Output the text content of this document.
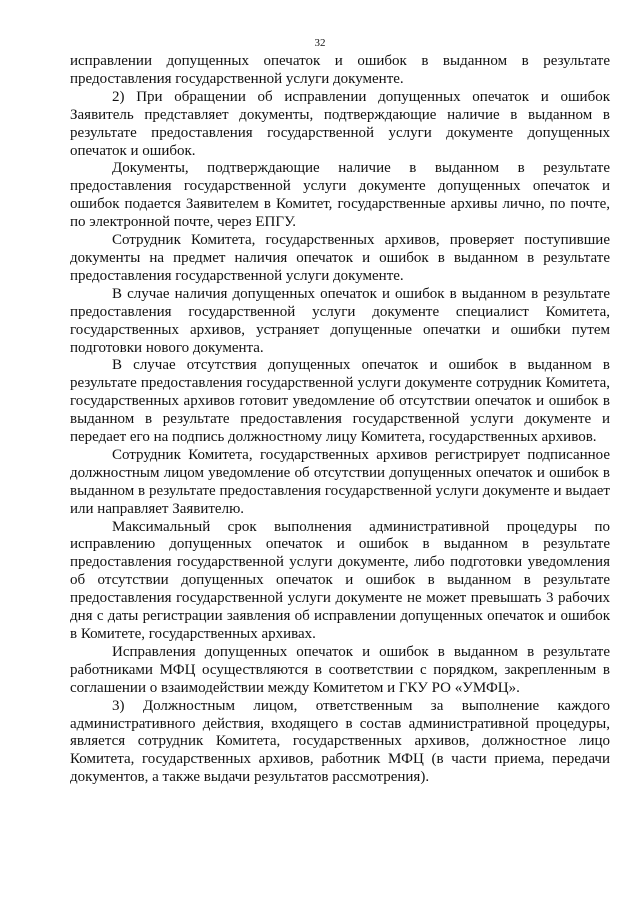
32

исправлении допущенных опечаток и ошибок в выданном в результате предоставления государственной услуги документе.

2) При обращении об исправлении допущенных опечаток и ошибок Заявитель представляет документы, подтверждающие наличие в выданном в результате предоставления государственной услуги документе допущенных опечаток и ошибок.

Документы, подтверждающие наличие в выданном в результате предоставления государственной услуги документе допущенных опечаток и ошибок подается Заявителем в Комитет, государственные архивы лично, по почте, по электронной почте, через ЕПГУ.

Сотрудник Комитета, государственных архивов, проверяет поступившие документы на предмет наличия опечаток и ошибок в выданном в результате предоставления государственной услуги документе.

В случае наличия допущенных опечаток и ошибок в выданном в результате предоставления государственной услуги документе специалист Комитета, государственных архивов, устраняет допущенные опечатки и ошибки путем подготовки нового документа.

В случае отсутствия допущенных опечаток и ошибок в выданном в результате предоставления государственной услуги документе сотрудник Комитета, государственных архивов готовит уведомление об отсутствии опечаток и ошибок в выданном в результате предоставления государственной услуги документе и передает его на подпись должностному лицу Комитета, государственных архивов.

Сотрудник Комитета, государственных архивов регистрирует подписанное должностным лицом уведомление об отсутствии допущенных опечаток и ошибок в выданном в результате предоставления государственной услуги документе и выдает или направляет Заявителю.

Максимальный срок выполнения административной процедуры по исправлению допущенных опечаток и ошибок в выданном в результате предоставления государственной услуги документе, либо подготовки уведомления об отсутствии допущенных опечаток и ошибок в выданном в результате предоставления государственной услуги документе не может превышать 3 рабочих дня с даты регистрации заявления об исправлении допущенных опечаток и ошибок в Комитете, государственных архивах.

Исправления допущенных опечаток и ошибок в выданном в результате работниками МФЦ осуществляются в соответствии с порядком, закрепленным в соглашении о взаимодействии между Комитетом и ГКУ РО «УМФЦ».

3) Должностным лицом, ответственным за выполнение каждого административного действия, входящего в состав административной процедуры, является сотрудник Комитета, государственных архивов, должностное лицо Комитета, государственных архивов, работник МФЦ (в части приема, передачи документов, а также выдачи результатов рассмотрения).
